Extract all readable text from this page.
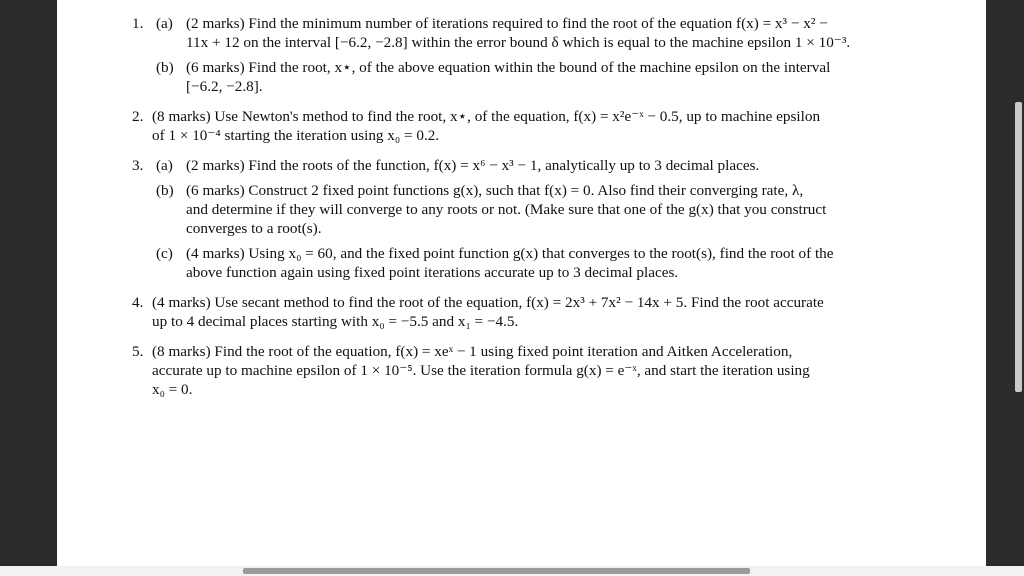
1. (a) (2 marks) Find the minimum number of iterations required to find the root of the equation f(x) = x³ − x² −
11x + 12 on the interval [−6.2, −2.8] within the error bound δ which is equal to the machine epsilon 1 × 10⁻³.
(b) (6 marks) Find the root, x⋆, of the above equation within the bound of the machine epsilon on the interval
[−6.2, −2.8].
2. (8 marks) Use Newton's method to find the root, x⋆, of the equation, f(x) = x²e⁻ˣ − 0.5, up to machine epsilon
of 1 × 10⁻⁴ starting the iteration using x₀ = 0.2.
3. (a) (2 marks) Find the roots of the function, f(x) = x⁶ − x³ − 1, analytically up to 3 decimal places.
(b) (6 marks) Construct 2 fixed point functions g(x), such that f(x) = 0. Also find their converging rate, λ,
and determine if they will converge to any roots or not. (Make sure that one of the g(x) that you construct
converges to a root(s).
(c) (4 marks) Using x₀ = 60, and the fixed point function g(x) that converges to the root(s), find the root of the
above function again using fixed point iterations accurate up to 3 decimal places.
4. (4 marks) Use secant method to find the root of the equation, f(x) = 2x³ + 7x² − 14x + 5. Find the root accurate
up to 4 decimal places starting with x₀ = −5.5 and x₁ = −4.5.
5. (8 marks) Find the root of the equation, f(x) = xeˣ − 1 using fixed point iteration and Aitken Acceleration,
accurate up to machine epsilon of 1 × 10⁻⁵. Use the iteration formula g(x) = e⁻ˣ, and start the iteration using
x₀ = 0.
